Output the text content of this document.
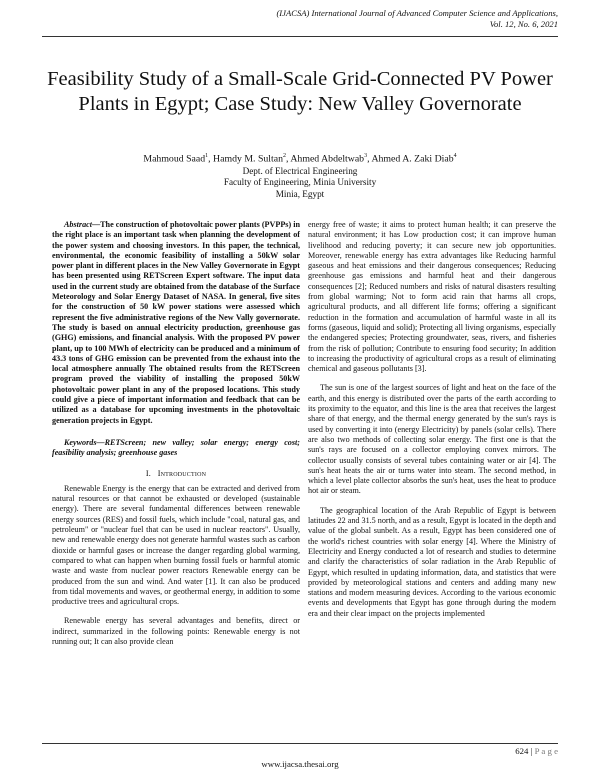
(IJACSA) International Journal of Advanced Computer Science and Applications,
Vol. 12, No. 6, 2021
Feasibility Study of a Small-Scale Grid-Connected PV Power Plants in Egypt; Case Study: New Valley Governorate
Mahmoud Saad$^1$, Hamdy M. Sultan$^2$, Ahmed Abdeltwab$^3$, Ahmed A. Zaki Diab$^4$
Dept. of Electrical Engineering
Faculty of Engineering, Minia University
Minia, Egypt

Abstract—The construction of photovoltaic power plants (PVPPs) in the right place is an important task when planning the development of the power system and choosing investors. In this paper, the technical, environmental, the economic feasibility of installing a 50kW solar power plant in different places in the New Valley Governorate in Egypt has been presented using RETScreen Expert software. The input data used in the current study are obtained from the database of the Surface Meteorology and Solar Energy Dataset of NASA. In general, five sites for the construction of 50 kW power stations were assessed which represent the five administrative regions of the New Vally governorate. The study is based on annual electricity production, greenhouse gas (GHG) emissions, and financial analysis. With the proposed PV power plant, up to 100 MWh of electricity can be produced and a minimum of 43.3 tons of GHG emission can be prevented from the exhaust into the local atmosphere annually The obtained results from the RETScreen program proved the viability of installing the proposed 50kW photovoltaic power plant in any of the proposed locations. This study could give a piece of important information and feedback that can be utilized as a database for upcoming investments in the photovoltaic generation projects in Egypt.

Keywords—RETScreen; new valley; solar energy; energy cost; feasibility analysis; greenhouse gases

I. Introduction

Renewable Energy is the energy that can be extracted and derived from natural resources or that cannot be exhausted or developed (sustainable energy). There are several fundamental differences between renewable energy sources (RES) and fossil fuels, which include "coal, natural gas, and petroleum" or "nuclear fuel that can be used in nuclear reactors". Usually, new and renewable energy does not generate harmful wastes such as carbon dioxide or harmful gases or increase the danger regarding global warming, compared to what can happen when burning fossil fuels or harmful atomic waste and waste from nuclear power reactors Renewable energy can be produced from the sun and wind. And water [1]. It can also be produced from tidal movements and waves, or geothermal energy, in addition to some productive trees and agricultural crops.

Renewable energy has several advantages and benefits, direct or indirect, summarized in the following points: Renewable energy is not running out; It can also provide clean

energy free of waste; it aims to protect human health; it can preserve the natural environment; it has Low production cost; it can improve human livelihood and reducing poverty; it can secure new job opportunities. Moreover, renewable energy has extra advantages like Reducing harmful gaseous and heat emissions and their dangerous consequences; Reducing greenhouse gas emissions and harmful heat and their dangerous consequences [2]; Reduced numbers and risks of natural disasters resulting from global warming; Not to form acid rain that harms all crops, agricultural products, and all different life forms; offering a significant reduction in the formation and accumulation of harmful waste in all its forms (gaseous, liquid and solid); Protecting all living organisms, especially the endangered species; Protecting groundwater, seas, rivers, and fisheries from the risk of pollution; Contribute to ensuring food security; In addition to increasing the productivity of agricultural crops as a result of eliminating chemical and gaseous pollutants [3].

The sun is one of the largest sources of light and heat on the face of the earth, and this energy is distributed over the parts of the earth according to its proximity to the equator, and this line is the area that receives the largest share of that energy, and the thermal energy generated by the sun's rays is used by converting it into (energy Electricity) by panels (solar cells). There are also two methods of collecting solar energy. The first one is that the sun's rays are focused on a collector employing convex mirrors. The collector usually consists of several tubes containing water or air [4]. The sun's heat heats the air or turns water into steam. The second method, in which a level plate collector absorbs the sun's heat, uses the heat to produce hot air or steam.

The geographical location of the Arab Republic of Egypt is between latitudes 22 and 31.5 north, and as a result, Egypt is located in the depth and value of the global sunbelt. As a result, Egypt has been considered one of the world's richest countries with solar energy [4]. Where the Ministry of Electricity and Energy conducted a lot of research and studies to determine and clarify the characteristics of solar radiation in the Arab Republic of Egypt, which resulted in updating information, data, and statistics that were provided by meteorological stations and centers and adding many new stations and modern measuring devices. According to the various economic events and developments that Egypt has gone through during the modern era and their clear impact on the projects implemented

624 | P a g e
www.ijacsa.thesai.org
